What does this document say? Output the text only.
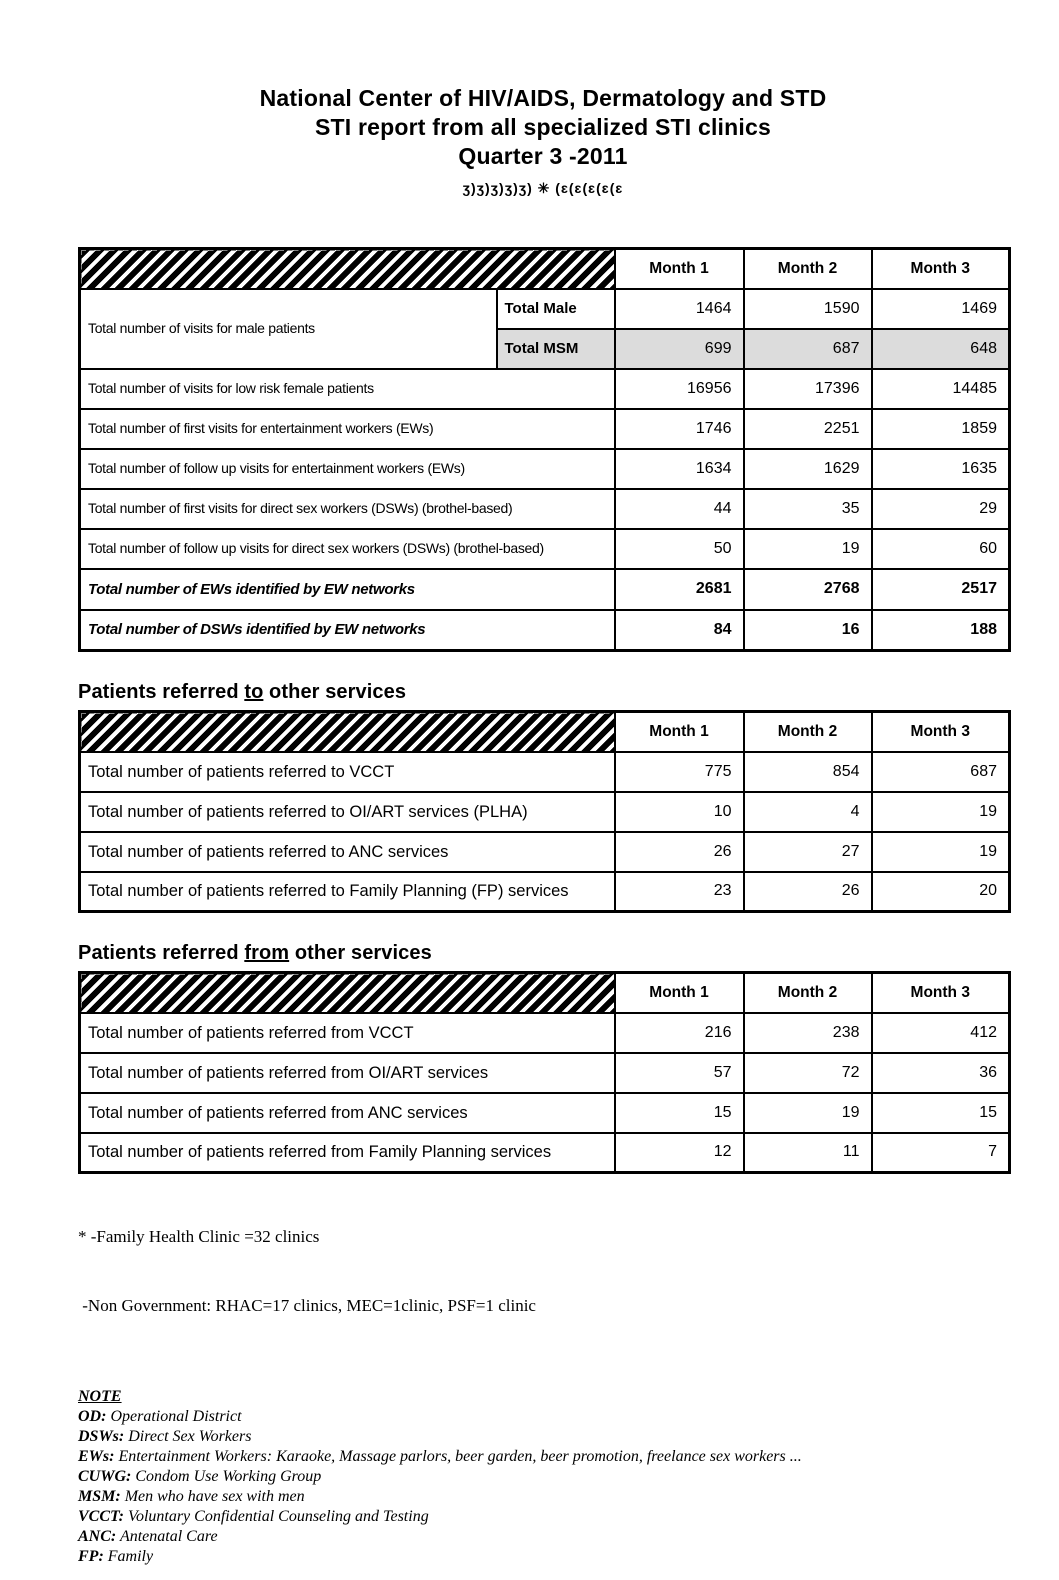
National Center of HIV/AIDS, Dermatology and STD
STI report from all specialized STI clinics
Quarter 3 -2011
ʒ)ʒ)ʒ)ʒ)ʒ) ✳ (ɛ(ɛ(ɛ(ɛ(ɛ
		Month 1	Month 2	Month 3
Total number of visits for male patients	Total Male	1464	1590	1469
	Total MSM	699	687	648
Total number of visits for low risk female patients		16956	17396	14485
Total number of first visits for entertainment workers (EWs)		1746	2251	1859
Total number of follow up visits for entertainment workers (EWs)		1634	1629	1635
Total number of first visits for direct sex workers (DSWs) (brothel-based)		44	35	29
Total number of follow up visits for direct sex workers (DSWs) (brothel-based)		50	19	60
Total number of EWs identified by EW networks		2681	2768	2517
Total number of DSWs identified by EW networks		84	16	188
Patients referred to other services
	Month 1	Month 2	Month 3
Total number of patients referred to VCCT	775	854	687
Total number of patients referred to OI/ART services (PLHA)	10	4	19
Total number of patients referred to ANC services	26	27	19
Total number of patients referred to Family Planning (FP) services	23	26	20
Patients referred from other services
	Month 1	Month 2	Month 3
Total number of patients referred from VCCT	216	238	412
Total number of patients referred from OI/ART services	57	72	36
Total number of patients referred from ANC services	15	19	15
Total number of patients referred from Family Planning services	12	11	7

* -Family Health Clinic =32 clinics

-Non Government: RHAC=17 clinics, MEC=1clinic, PSF=1 clinic

NOTE
OD: Operational District
DSWs: Direct Sex Workers
EWs: Entertainment Workers: Karaoke, Massage parlors, beer garden, beer promotion, freelance sex workers ...
CUWG: Condom Use Working Group
MSM: Men who have sex with men
VCCT: Voluntary Confidential Counseling and Testing
ANC: Antenatal Care
FP: Family
